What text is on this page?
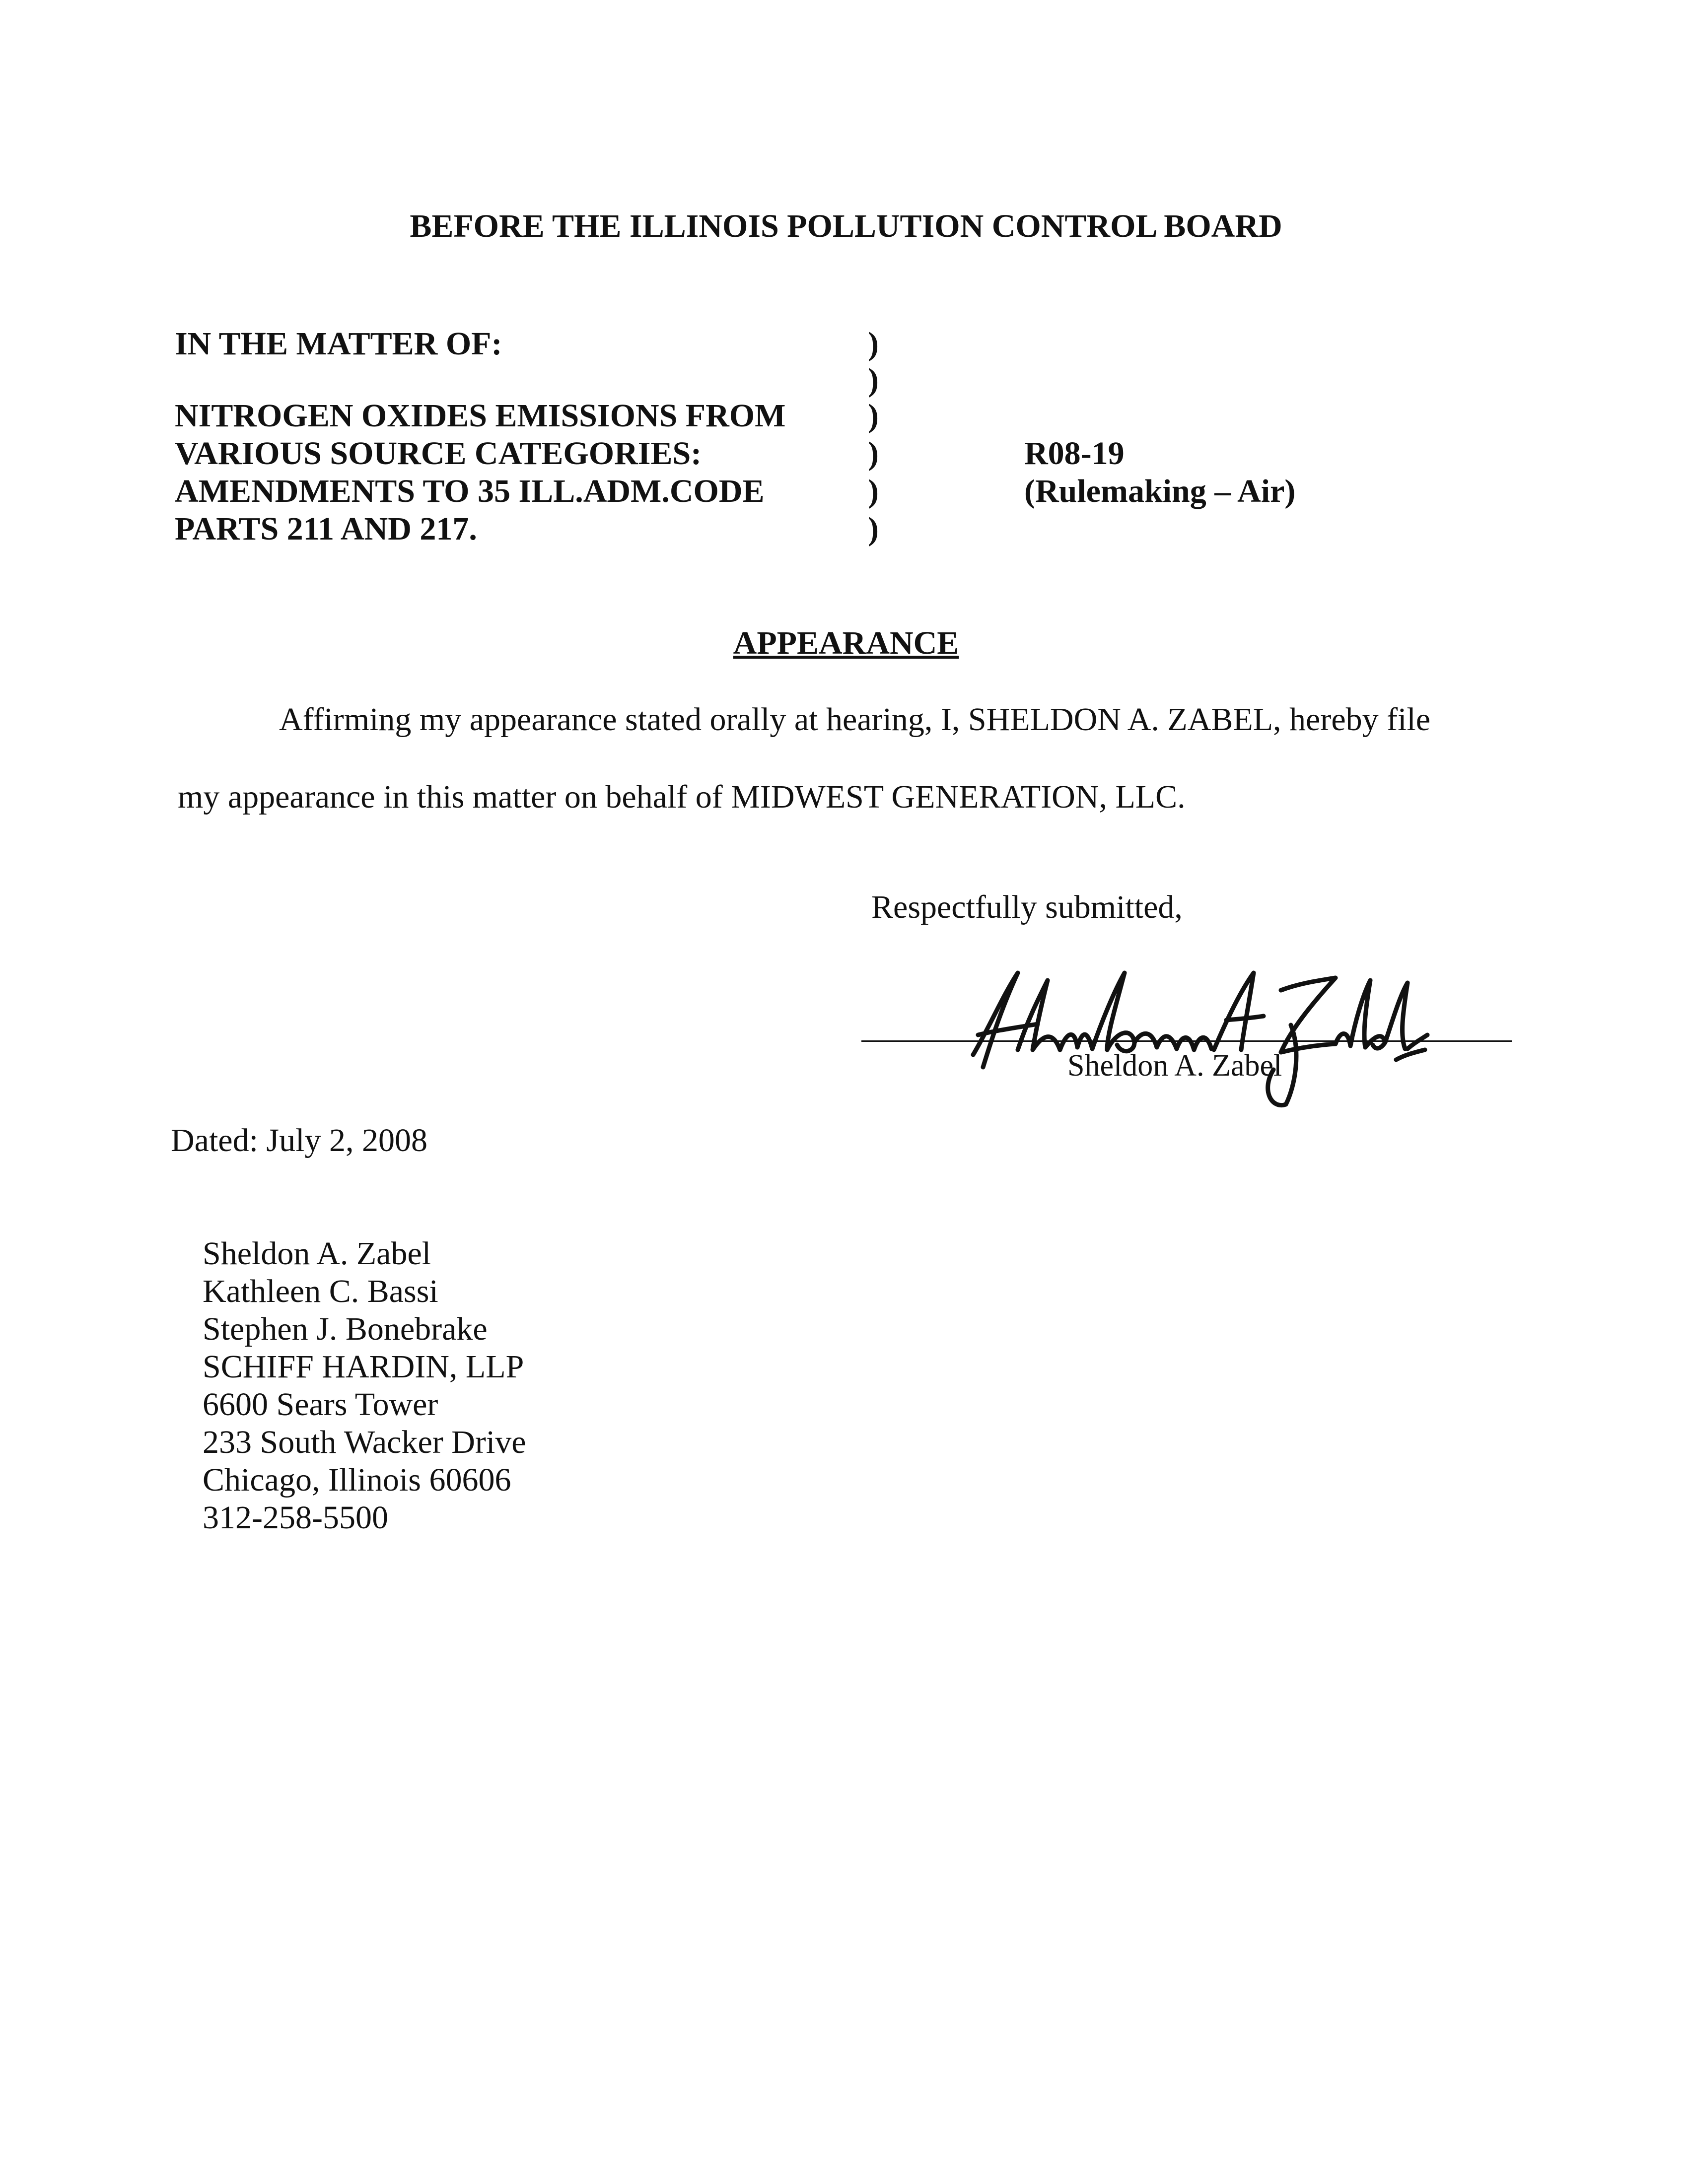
BEFORE THE ILLINOIS POLLUTION CONTROL BOARD
IN THE MATTER OF:
NITROGEN OXIDES EMISSIONS FROM
VARIOUS SOURCE CATEGORIES:
AMENDMENTS TO 35 ILL.ADM.CODE
PARTS 211 AND 217.
)
)
)
)
)
)
R08-19
(Rulemaking – Air)
APPEARANCE
Affirming my appearance stated orally at hearing, I, SHELDON A. ZABEL, hereby file
my appearance in this matter on behalf of MIDWEST GENERATION, LLC.
Respectfully submitted,
Sheldon A. Zabel
Dated: July 2, 2008
Sheldon A. Zabel
Kathleen C. Bassi
Stephen J. Bonebrake
SCHIFF HARDIN, LLP
6600 Sears Tower
233 South Wacker Drive
Chicago, Illinois 60606
312-258-5500
